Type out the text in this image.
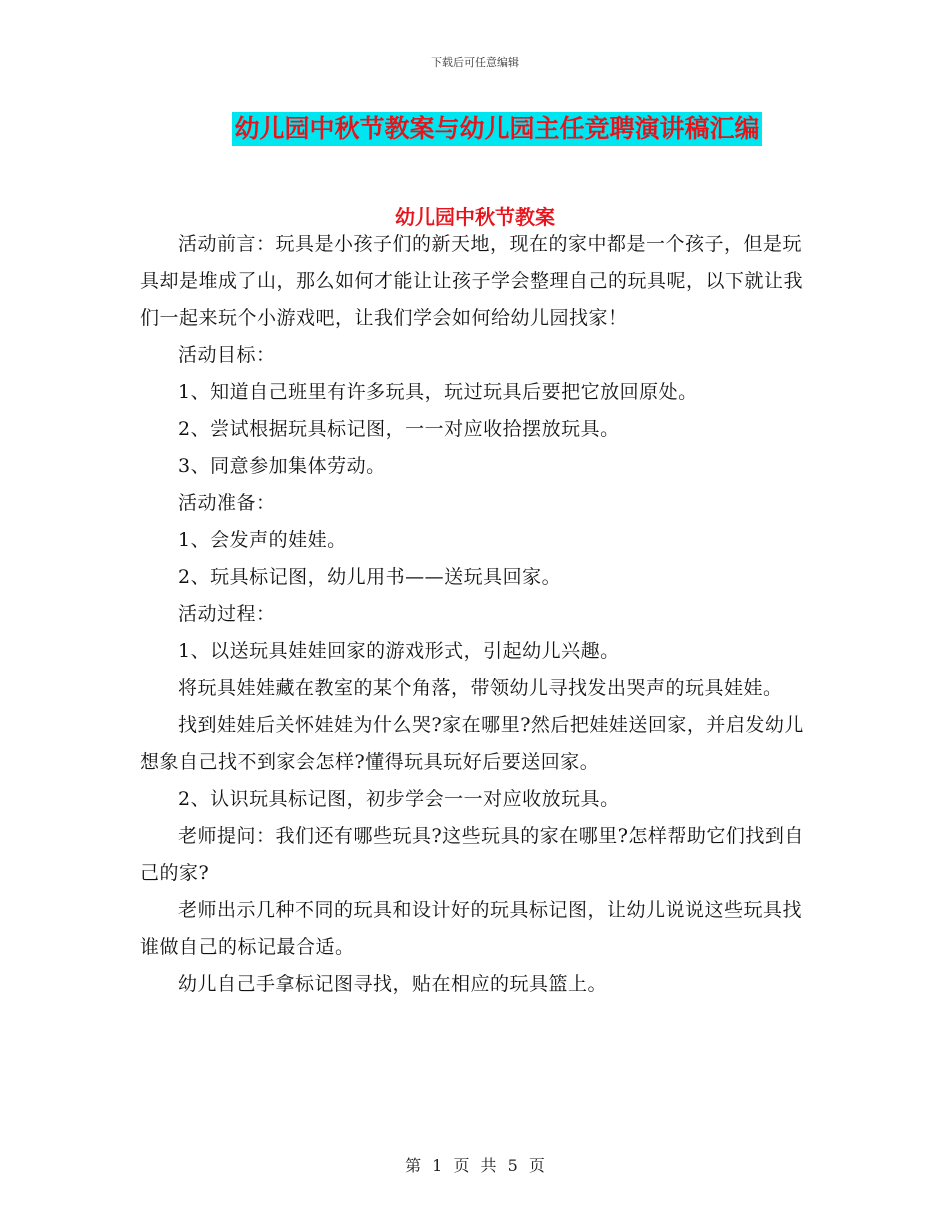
下载后可任意编辑
幼儿园中秋节教案与幼儿园主任竞聘演讲稿汇编
幼儿园中秋节教案

活动前言：玩具是小孩子们的新天地，现在的家中都是一个孩子，但是玩具却是堆成了山，那么如何才能让让孩子学会整理自己的玩具呢，以下就让我们一起来玩个小游戏吧，让我们学会如何给幼儿园找家！

活动目标：

1、知道自己班里有许多玩具，玩过玩具后要把它放回原处。

2、尝试根据玩具标记图，一一对应收拾摆放玩具。

3、同意参加集体劳动。

活动准备：

1、会发声的娃娃。

2、玩具标记图，幼儿用书——送玩具回家。

活动过程：

1、以送玩具娃娃回家的游戏形式，引起幼儿兴趣。

将玩具娃娃藏在教室的某个角落，带领幼儿寻找发出哭声的玩具娃娃。

找到娃娃后关怀娃娃为什么哭?家在哪里?然后把娃娃送回家，并启发幼儿想象自己找不到家会怎样?懂得玩具玩好后要送回家。

2、认识玩具标记图，初步学会一一对应收放玩具。

老师提问：我们还有哪些玩具?这些玩具的家在哪里?怎样帮助它们找到自己的家?

老师出示几种不同的玩具和设计好的玩具标记图，让幼儿说说这些玩具找谁做自己的标记最合适。

幼儿自己手拿标记图寻找，贴在相应的玩具篮上。

第 1 页 共 5 页
